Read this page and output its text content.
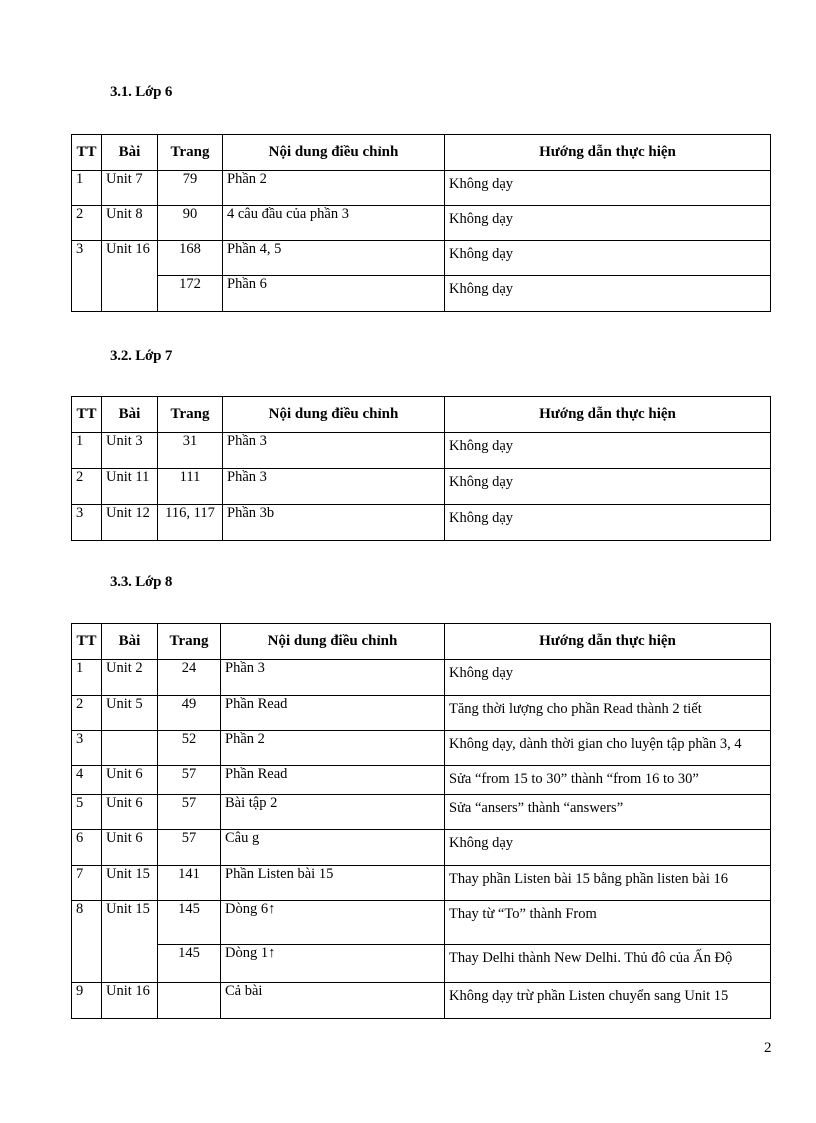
3.1. Lớp 6
TT	Bài	Trang	Nội dung điều chỉnh	Hướng dẫn thực hiện
1	Unit 7	79	Phần 2	Không dạy
2	Unit 8	90	4 câu đầu của phần 3	Không dạy
3	Unit 16	168	Phần 4, 5	Không dạy
		172	Phần 6	Không dạy
3.2. Lớp 7
TT	Bài	Trang	Nội dung điều chỉnh	Hướng dẫn thực hiện
1	Unit 3	31	Phần 3	Không dạy
2	Unit 11	111	Phần 3	Không dạy
3	Unit 12	116, 117	Phần 3b	Không dạy
3.3. Lớp 8
TT	Bài	Trang	Nội dung điều chỉnh	Hướng dẫn thực hiện
1	Unit 2	24	Phần 3	Không dạy
2	Unit 5	49	Phần Read	Tăng thời lượng cho phần Read thành 2 tiết
3		52	Phần 2	Không dạy, dành thời gian cho luyện tập phần 3, 4
4	Unit 6	57	Phần Read	Sửa “from 15 to 30” thành “from 16 to 30”
5	Unit 6	57	Bài tập 2	Sửa “ansers” thành “answers”
6	Unit 6	57	Câu g	Không dạy
7	Unit 15	141	Phần Listen bài 15	Thay phần Listen bài 15 bằng phần listen bài 16
8	Unit 15	145	Dòng 6↑	Thay từ “To” thành From
		145	Dòng 1↑	Thay Delhi thành New Delhi. Thủ đô của Ấn Độ
9	Unit 16		Cả bài	Không dạy trừ phần Listen chuyển sang Unit 15
2
